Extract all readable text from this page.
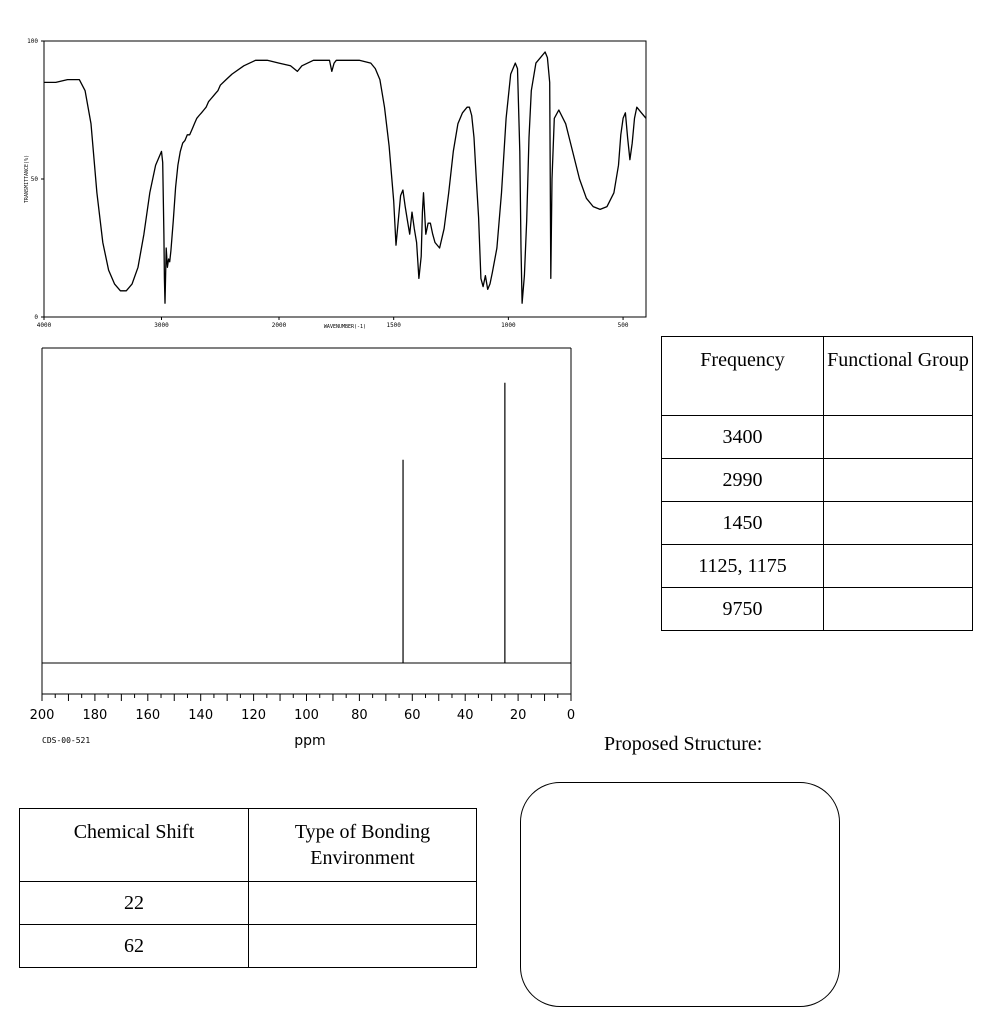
4000	3000	2000	1500	1000	500
0
50
100
WAVENUMBER(-1)
TRANSMITTANCE(%)
200 180 160 140 120 100 80	60	40	20	0
CDS-00-521	ppm
Frequency	Functional Group
3400	
2990	
1450	
1125, 1175	
9750	
Proposed Structure:
Chemical Shift	Type of Bonding Environment
22	
62	
